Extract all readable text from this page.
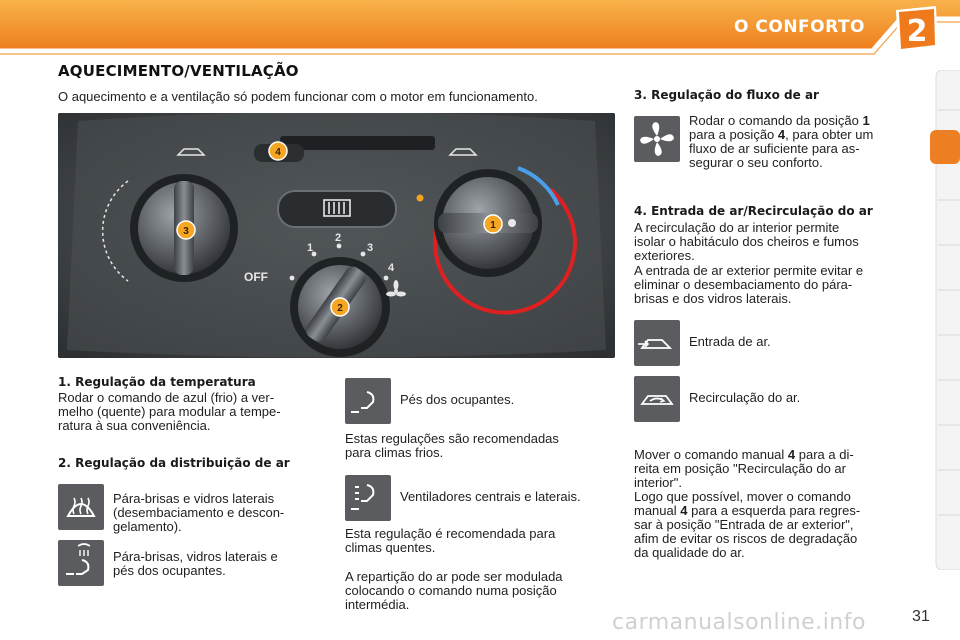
O CONFORTO 2
AQUECIMENTO/VENTILAÇÃO
O aquecimento e a ventilação só podem funcionar com o motor em funcionamento.
OFF
1
2
3
4
4
3
1
2
1. Regulação da temperatura
Rodar o comando de azul (frio) a ver-
melho (quente) para modular a tempe-
ratura à sua conveniência.
2. Regulação da distribuição de ar
Pára-brisas e vidros laterais
(desembaciamento e descon-
gelamento).
Pára-brisas, vidros laterais e
pés dos ocupantes.
Pés dos ocupantes.
Estas regulações são recomendadas
para climas frios.
Ventiladores centrais e laterais.
Esta regulação é recomendada para
climas quentes.
A repartição do ar pode ser modulada
colocando o comando numa posição
intermédia.
3. Regulação do fluxo de ar
Rodar o comando da posição 1
para a posição 4, para obter um
fluxo de ar suficiente para as-
segurar o seu conforto.
4. Entrada de ar/Recirculação do ar
A recirculação do ar interior permite
isolar o habitáculo dos cheiros e fumos
exteriores.
A entrada de ar exterior permite evitar e
eliminar o desembaciamento do pára-
brisas e dos vidros laterais.
Entrada de ar.
Recirculação do ar.
Mover o comando manual 4 para a di-
reita em posição "Recirculação do ar
interior".
Logo que possível, mover o comando
manual 4 para a esquerda para regres-
sar à posição "Entrada de ar exterior",
afim de evitar os riscos de degradação
da qualidade do ar.
carmanualsonline.info	31
